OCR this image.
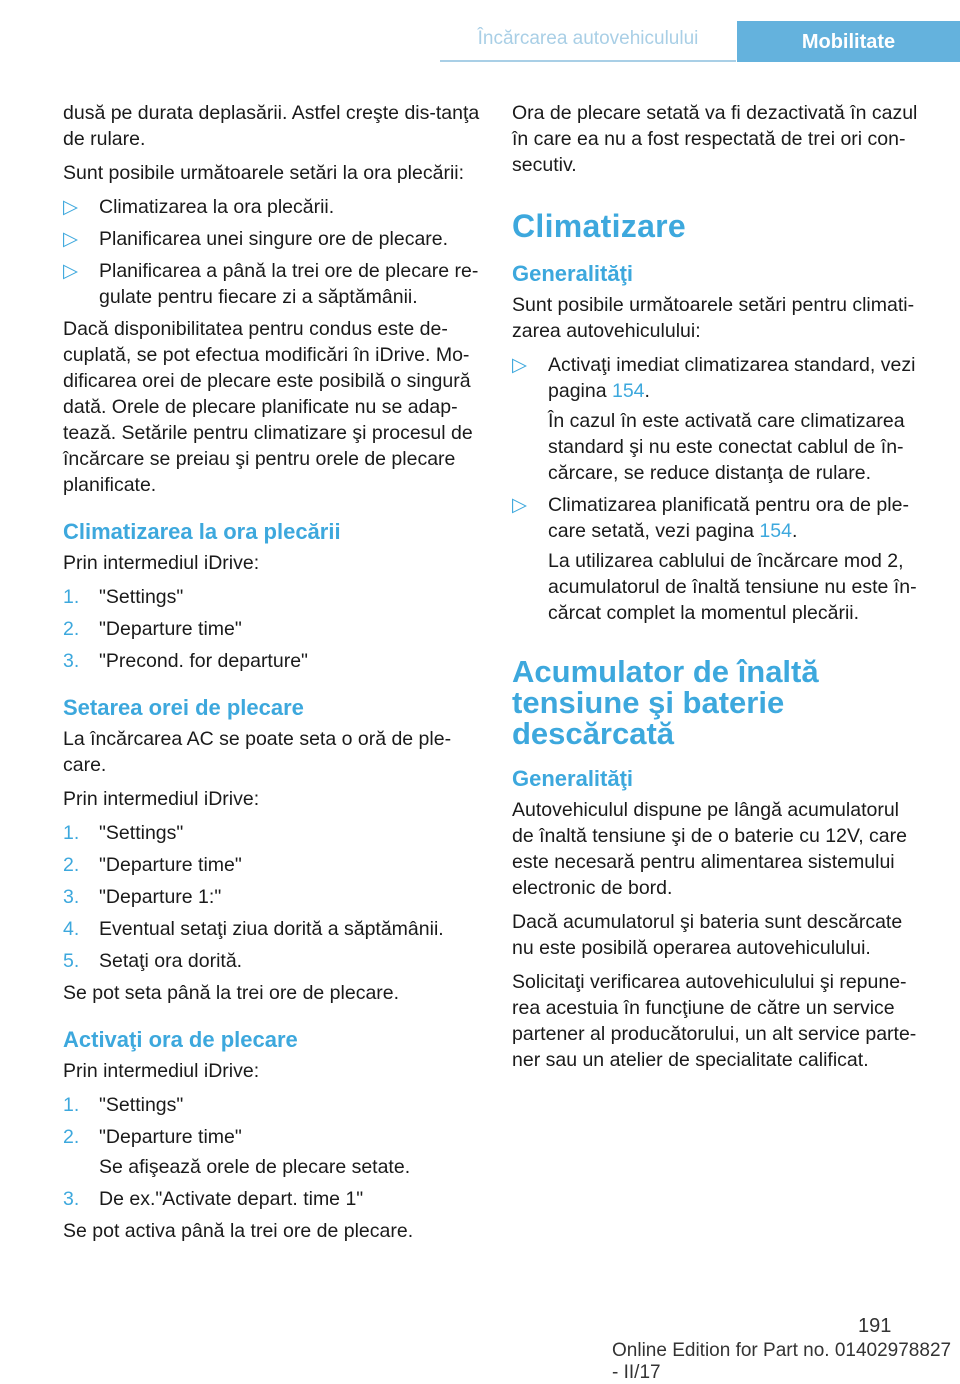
Încărcarea autovehiculului	Mobilitate

dusă pe durata deplasării. Astfel creşte dis-tanţa de rulare.

Sunt posibile următoarele setări la ora plecării:

▷ Climatizarea la ora plecării.
▷ Planificarea unei singure ore de plecare.
▷ Planificarea a până la trei ore de plecare re-gulate pentru fiecare zi a săptămânii.

Dacă disponibilitatea pentru condus este de-cuplată, se pot efectua modificări în iDrive. Mo-dificarea orei de plecare este posibilă o singură dată. Orele de plecare planificate nu se adap-tează. Setările pentru climatizare şi procesul de încărcare se preiau şi pentru orele de plecare planificate.

Climatizarea la ora plecării

Prin intermediul iDrive:

1. "Settings"
2. "Departure time"
3. "Precond. for departure"
Setarea orei de plecare

La încărcarea AC se poate seta o oră de ple-care.

Prin intermediul iDrive:

1. "Settings"
2. "Departure time"
3. "Departure 1:"
4. Eventual setaţi ziua dorită a săptămânii.
5. Setaţi ora dorită.

Se pot seta până la trei ore de plecare.

Activaţi ora de plecare

Prin intermediul iDrive:

1. "Settings"
2. "Departure time"
Se afişează orele de plecare setate.
3. De ex."Activate depart. time 1"

Se pot activa până la trei ore de plecare.

Ora de plecare setată va fi dezactivată în cazul în care ea nu a fost respectată de trei ori con-secutiv.

Climatizare
Generalităţi

Sunt posibile următoarele setări pentru climati-zarea autovehiculului:

▷ Activaţi imediat climatizarea standard, vezi pagina 154.
În cazul în este activată care climatizarea standard şi nu este conectat cablul de în-cărcare, se reduce distanţa de rulare.
▷ Climatizarea planificată pentru ora de ple-care setată, vezi pagina 154.
La utilizarea cablului de încărcare mod 2, acumulatorul de înaltă tensiune nu este în-cărcat complet la momentul plecării.
Acumulator de înaltă
tensiune şi baterie
descărcată
Generalităţi

Autovehiculul dispune pe lângă acumulatorul de înaltă tensiune şi de o baterie cu 12V, care este necesară pentru alimentarea sistemului electronic de bord.

Dacă acumulatorul şi bateria sunt descărcate nu este posibilă operarea autovehiculului.

Solicitaţi verificarea autovehiculului şi repune-rea acestuia în funcţiune de către un service partener al producătorului, un alt service parte-ner sau un atelier de specialitate calificat.

191
Online Edition for Part no. 01402978827 - II/17
